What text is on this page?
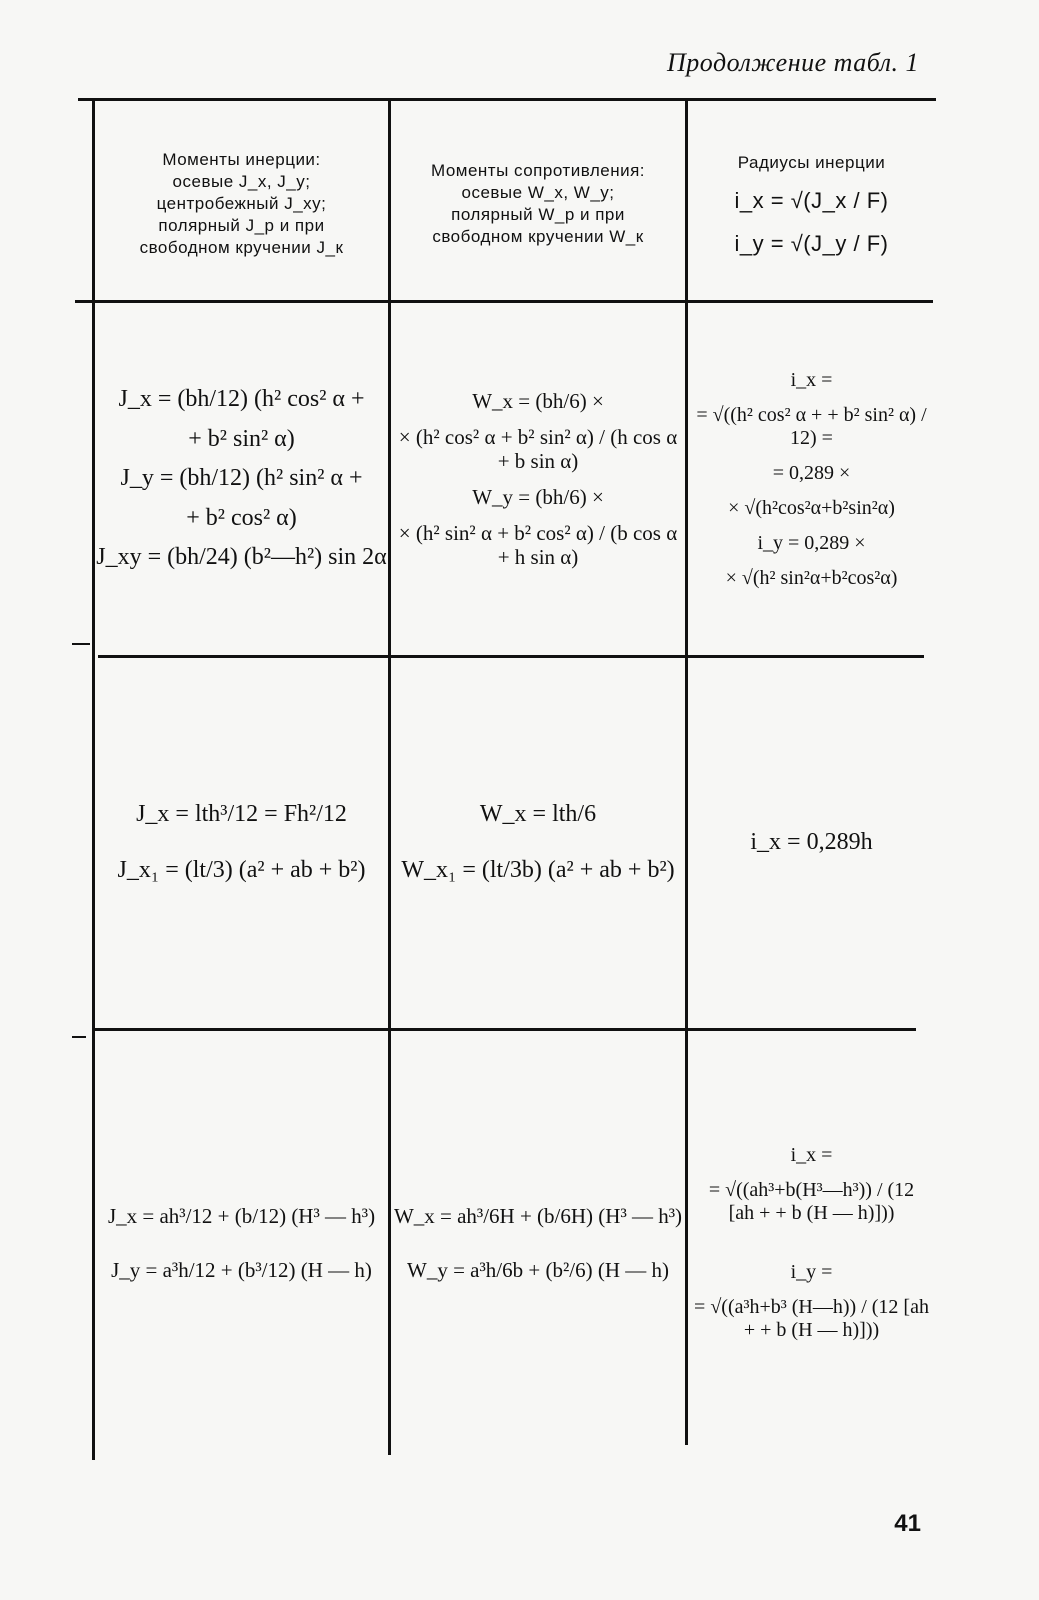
Продолжение табл. 1
Моменты инерции:
осевые J_x, J_y;
центробежный J_xy;
полярный J_p и при
свободном кручении J_к
Моменты сопротивления:
осевые W_x, W_y;
полярный W_p и при
свободном кручении W_к
Радиусы инерции
i_x = √(J_x / F)
i_y = √(J_y / F)
J_x = (bh/12) (h² cos² α +
+ b² sin² α)
J_y = (bh/12) (h² sin² α +
+ b² cos² α)
J_xy = (bh/24) (b²—h²) sin 2α
W_x = (bh/6) ×
× (h² cos² α + b² sin² α) / (h cos α + b sin α)
W_y = (bh/6) ×
× (h² sin² α + b² cos² α) / (b cos α + h sin α)
i_x =
= √((h² cos² α + + b² sin² α) / 12) =
= 0,289 ×
× √(h²cos²α+b²sin²α)
i_y = 0,289 ×
× √(h² sin²α+b²cos²α)
J_x = lth³/12 = Fh²/12
J_x₁ = (lt/3) (a² + ab + b²)
W_x = lth/6
W_x₁ = (lt/3b) (a² + ab + b²)
i_x = 0,289h
J_x = ah³/12 + (b/12) (H³ — h³)
J_y = a³h/12 + (b³/12) (H — h)
W_x = ah³/6H + (b/6H) (H³ — h³)
W_y = a³h/6b + (b²/6) (H — h)
i_x =
= √((ah³+b(H³—h³)) / (12 [ah + + b (H — h)]))
i_y =
= √((a³h+b³ (H—h)) / (12 [ah + + b (H — h)]))
41
